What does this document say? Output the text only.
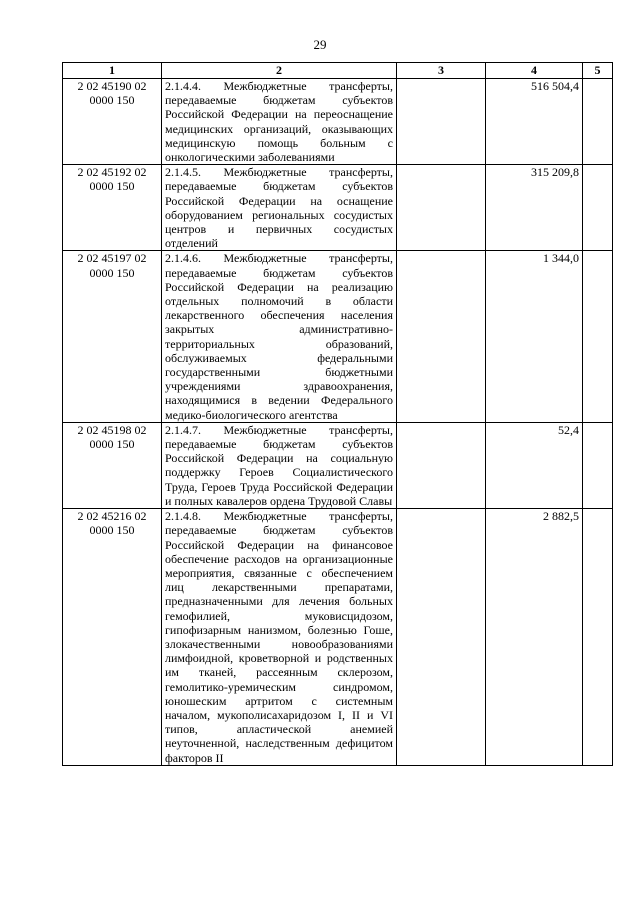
29
1	2	3	4	5
2 02 45190 02 0000 150	2.1.4.4. Межбюджетные трансферты, передаваемые бюджетам субъектов Российской Федерации на переоснащение медицинских организаций, оказывающих медицинскую помощь больным с онкологическими заболеваниями		516 504,4	
2 02 45192 02 0000 150	2.1.4.5. Межбюджетные трансферты, передаваемые бюджетам субъектов Российской Федерации на оснащение оборудованием региональных сосудистых центров и первичных сосудистых отделений		315 209,8	
2 02 45197 02 0000 150	2.1.4.6. Межбюджетные трансферты, передаваемые бюджетам субъектов Российской Федерации на реализацию отдельных полномочий в области лекарственного обеспечения населения закрытых административно-территориальных образований, обслуживаемых федеральными государственными бюджетными учреждениями здравоохранения, находящимися в ведении Федерального медико-биологического агентства		1 344,0	
2 02 45198 02 0000 150	2.1.4.7. Межбюджетные трансферты, передаваемые бюджетам субъектов Российской Федерации на социальную поддержку Героев Социалистического Труда, Героев Труда Российской Федерации и полных кавалеров ордена Трудовой Славы		52,4	
2 02 45216 02 0000 150	2.1.4.8. Межбюджетные трансферты, передаваемые бюджетам субъектов Российской Федерации на финансовое обеспечение расходов на организационные мероприятия, связанные с обеспечением лиц лекарственными препаратами, предназначенными для лечения больных гемофилией, муковисцидозом, гипофизарным нанизмом, болезнью Гоше, злокачественными новообразованиями лимфоидной, кроветворной и родственных им тканей, рассеянным склерозом, гемолитико-уремическим синдромом, юношеским артритом с системным началом, мукополисахаридозом I, II и VI типов, апластической анемией неуточненной, наследственным дефицитом факторов II		2 882,5	
